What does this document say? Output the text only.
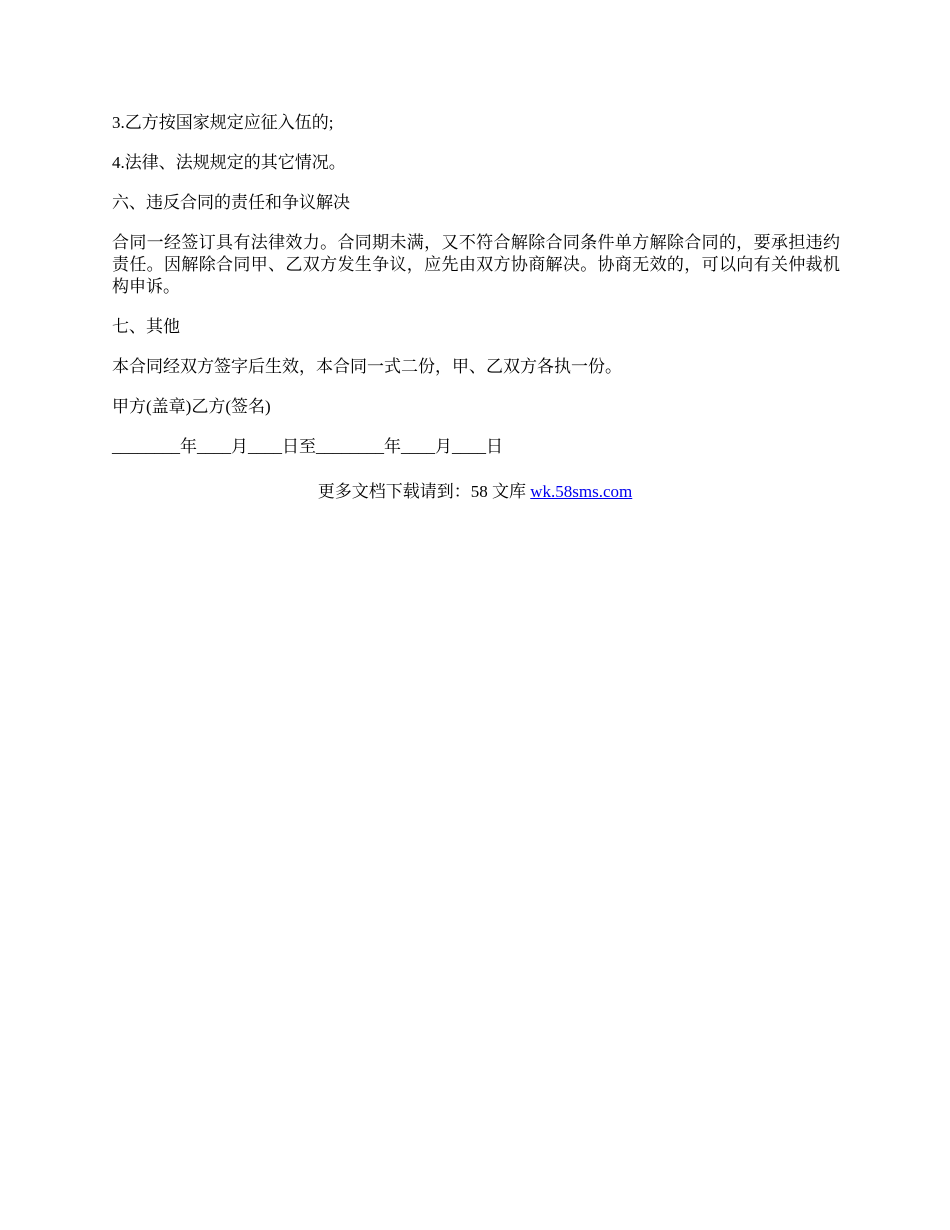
3.乙方按国家规定应征入伍的;

4.法律、法规规定的其它情况。

六、违反合同的责任和争议解决

合同一经签订具有法律效力。合同期未满，又不符合解除合同条件单方解除合同的，要承担违约责任。因解除合同甲、乙双方发生争议，应先由双方协商解决。协商无效的，可以向有关仲裁机构申诉。

七、其他

本合同经双方签字后生效，本合同一式二份，甲、乙双方各执一份。

甲方(盖章)乙方(签名)

________年____月____日至________年____月____日

更多文档下载请到：58 文库 wk.58sms.com
